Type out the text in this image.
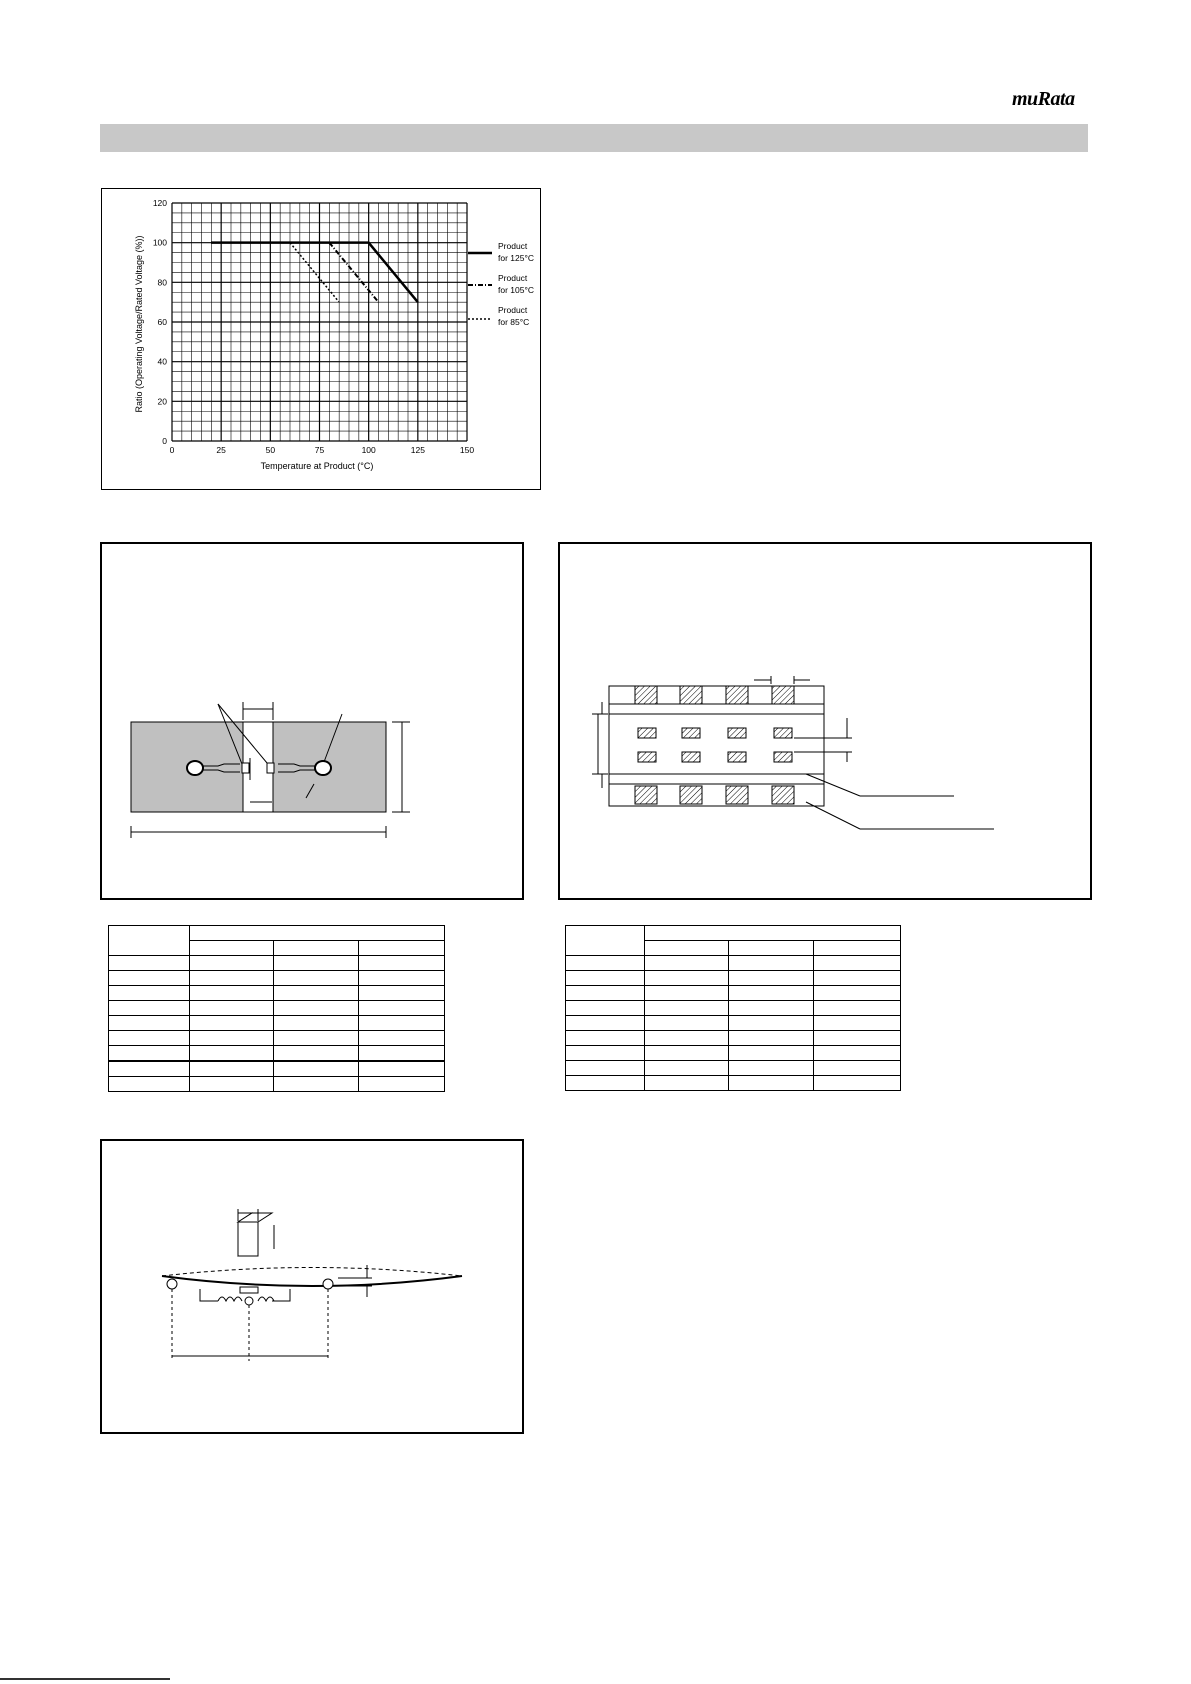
muRata
0	25	50	75	100	125	150
0
20
40
60
80
100
120
Ratio (Operating Voltage/Rated Voltage (%))
Temperature at Product (°C)
Product
for 125°C
Product
for 105°C
Product
for 85°C
